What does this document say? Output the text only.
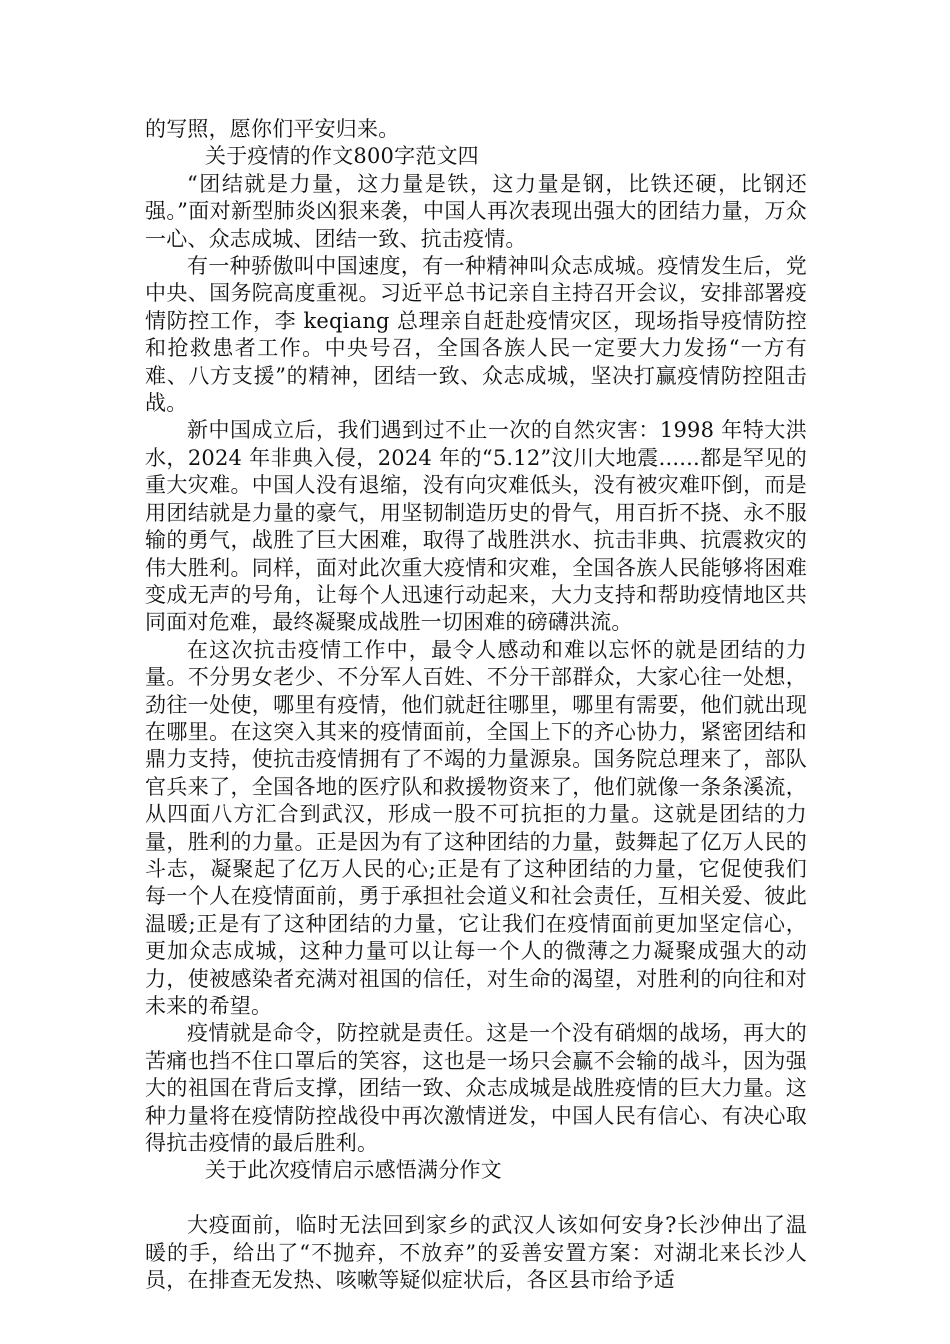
的写照，愿你们平安归来。

关于疫情的作文800字范文四

“团结就是力量，这力量是铁，这力量是钢，比铁还硬，比钢还强。”面对新型肺炎凶狠来袭，中国人再次表现出强大的团结力量，万众一心、众志成城、团结一致、抗击疫情。

有一种骄傲叫中国速度，有一种精神叫众志成城。疫情发生后，党中央、国务院高度重视。习近平总书记亲自主持召开会议，安排部署疫情防控工作，李 keqiang 总理亲自赶赴疫情灾区，现场指导疫情防控和抢救患者工作。中央号召，全国各族人民一定要大力发扬“一方有难、八方支援”的精神，团结一致、众志成城，坚决打赢疫情防控阻击战。

新中国成立后，我们遇到过不止一次的自然灾害：1998 年特大洪水，2024 年非典入侵，2024 年的“5.12”汶川大地震......都是罕见的重大灾难。中国人没有退缩，没有向灾难低头，没有被灾难吓倒，而是用团结就是力量的豪气，用坚韧制造历史的骨气，用百折不挠、永不服输的勇气，战胜了巨大困难，取得了战胜洪水、抗击非典、抗震救灾的伟大胜利。同样，面对此次重大疫情和灾难，全国各族人民能够将困难变成无声的号角，让每个人迅速行动起来，大力支持和帮助疫情地区共同面对危难，最终凝聚成战胜一切困难的磅礴洪流。

在这次抗击疫情工作中，最令人感动和难以忘怀的就是团结的力量。不分男女老少、不分军人百姓、不分干部群众，大家心往一处想，劲往一处使，哪里有疫情，他们就赶往哪里，哪里有需要，他们就出现在哪里。在这突入其来的疫情面前，全国上下的齐心协力，紧密团结和鼎力支持，使抗击疫情拥有了不竭的力量源泉。国务院总理来了，部队官兵来了，全国各地的医疗队和救援物资来了，他们就像一条条溪流，从四面八方汇合到武汉，形成一股不可抗拒的力量。这就是团结的力量，胜利的力量。正是因为有了这种团结的力量，鼓舞起了亿万人民的斗志，凝聚起了亿万人民的心;正是有了这种团结的力量，它促使我们每一个人在疫情面前，勇于承担社会道义和社会责任，互相关爱、彼此温暖;正是有了这种团结的力量，它让我们在疫情面前更加坚定信心，更加众志成城，这种力量可以让每一个人的微薄之力凝聚成强大的动力，使被感染者充满对祖国的信任，对生命的渴望，对胜利的向往和对未来的希望。

疫情就是命令，防控就是责任。这是一个没有硝烟的战场，再大的苦痛也挡不住口罩后的笑容，这也是一场只会赢不会输的战斗，因为强大的祖国在背后支撑，团结一致、众志成城是战胜疫情的巨大力量。这种力量将在疫情防控战役中再次激情迸发，中国人民有信心、有决心取得抗击疫情的最后胜利。

关于此次疫情启示感悟满分作文

大疫面前，临时无法回到家乡的武汉人该如何安身?长沙伸出了温暖的手，给出了“不抛弃，不放弃”的妥善安置方案：对湖北来长沙人员，在排查无发热、咳嗽等疑似症状后，各区县市给予适
